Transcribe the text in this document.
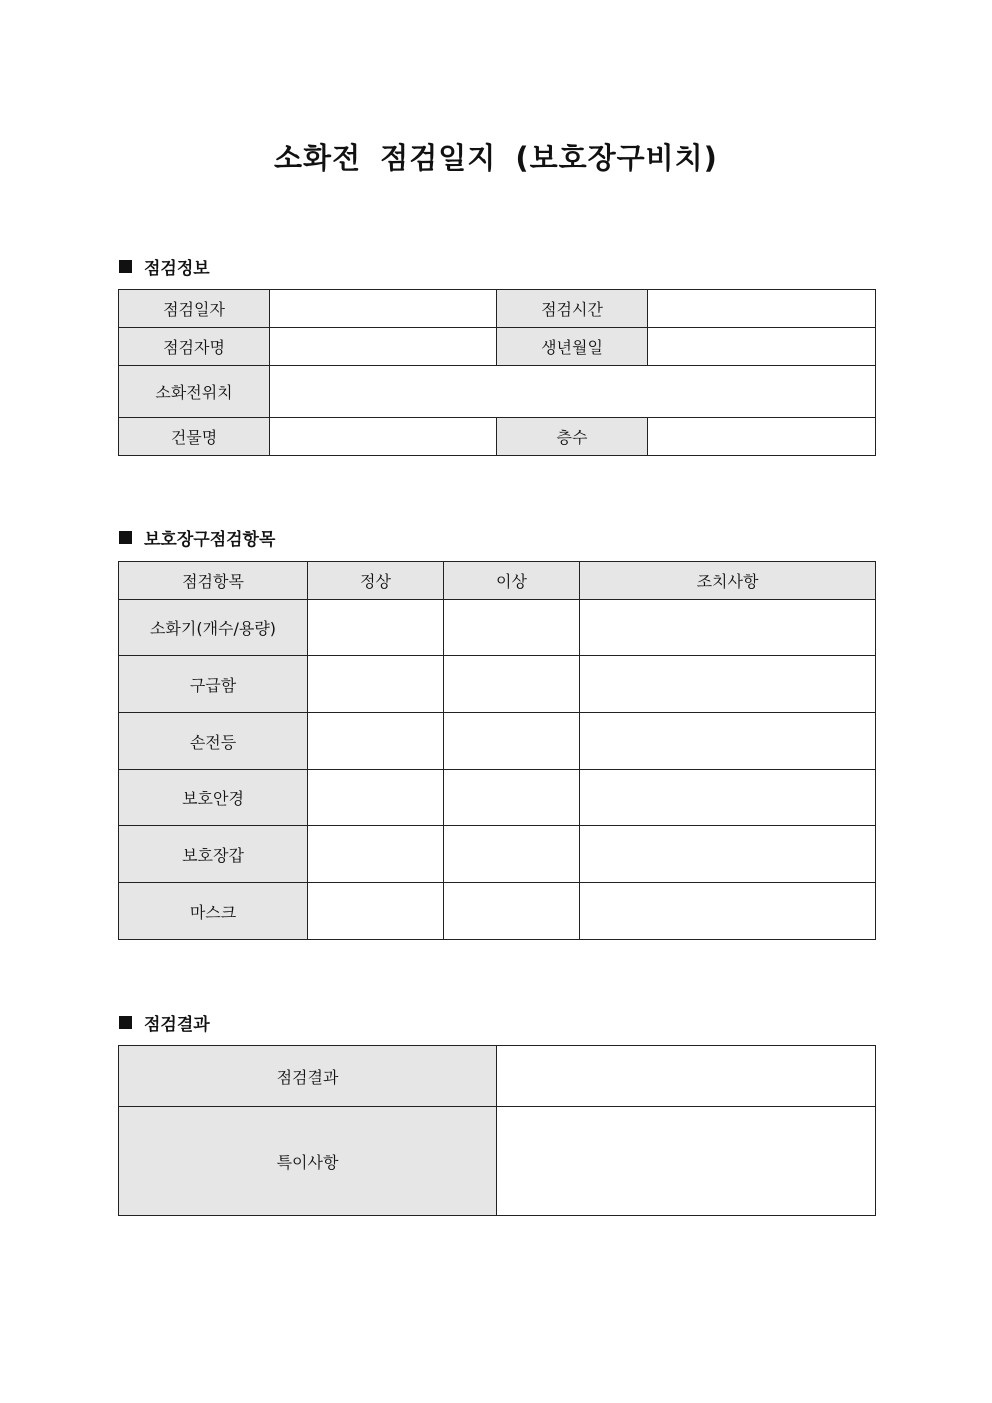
소화전 점검일지 (보호장구비치)
점검정보
점검일자		점검시간	
점검자명		생년월일	
소화전위치			
건물명		층수	
보호장구점검항목
점검항목	정상	이상	조치사항
소화기(개수/용량)			
구급함			
손전등			
보호안경			
보호장갑			
마스크			
점검결과
점검결과	
특이사항	
